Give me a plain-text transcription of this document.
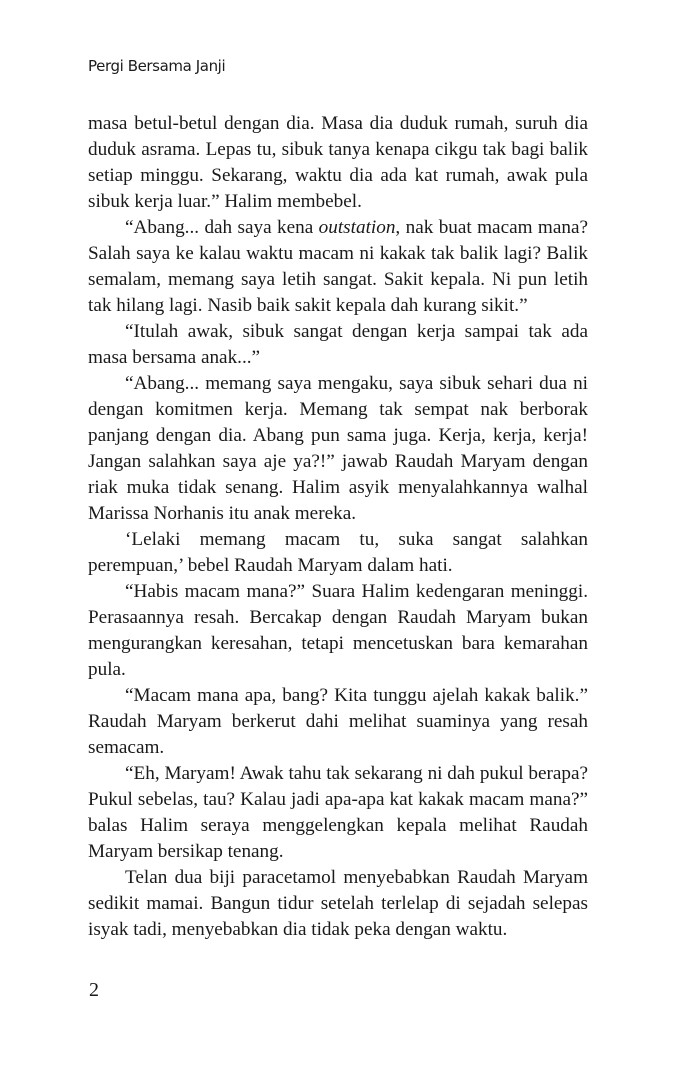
Pergi Bersama Janji

masa betul-betul dengan dia. Masa dia duduk rumah, suruh dia duduk asrama. Lepas tu, sibuk tanya kenapa cikgu tak bagi balik setiap minggu. Sekarang, waktu dia ada kat rumah, awak pula sibuk kerja luar.” Halim membebel.

“Abang... dah saya kena outstation, nak buat macam mana? Salah saya ke kalau waktu macam ni kakak tak balik lagi? Balik semalam, memang saya letih sangat. Sakit kepala. Ni pun letih tak hilang lagi. Nasib baik sakit kepala dah kurang sikit.”

“Itulah awak, sibuk sangat dengan kerja sampai tak ada masa bersama anak...”

“Abang... memang saya mengaku, saya sibuk sehari dua ni dengan komitmen kerja. Memang tak sempat nak berborak panjang dengan dia. Abang pun sama juga. Kerja, kerja, kerja! Jangan salahkan saya aje ya?!” jawab Raudah Maryam dengan riak muka tidak senang. Halim asyik menyalahkannya walhal Marissa Norhanis itu anak mereka.

‘Lelaki memang macam tu, suka sangat salahkan perempuan,’ bebel Raudah Maryam dalam hati.

“Habis macam mana?” Suara Halim kedengaran meninggi. Perasaannya resah. Bercakap dengan Raudah Maryam bukan mengurangkan keresahan, tetapi mencetuskan bara kemarahan pula.

“Macam mana apa, bang? Kita tunggu ajelah kakak balik.” Raudah Maryam berkerut dahi melihat suaminya yang resah semacam.

“Eh, Maryam! Awak tahu tak sekarang ni dah pukul berapa? Pukul sebelas, tau? Kalau jadi apa-apa kat kakak macam mana?” balas Halim seraya menggelengkan kepala melihat Raudah Maryam bersikap tenang.

Telan dua biji paracetamol menyebabkan Raudah Maryam sedikit mamai. Bangun tidur setelah terlelap di sejadah selepas isyak tadi, menyebabkan dia tidak peka dengan waktu.

2
